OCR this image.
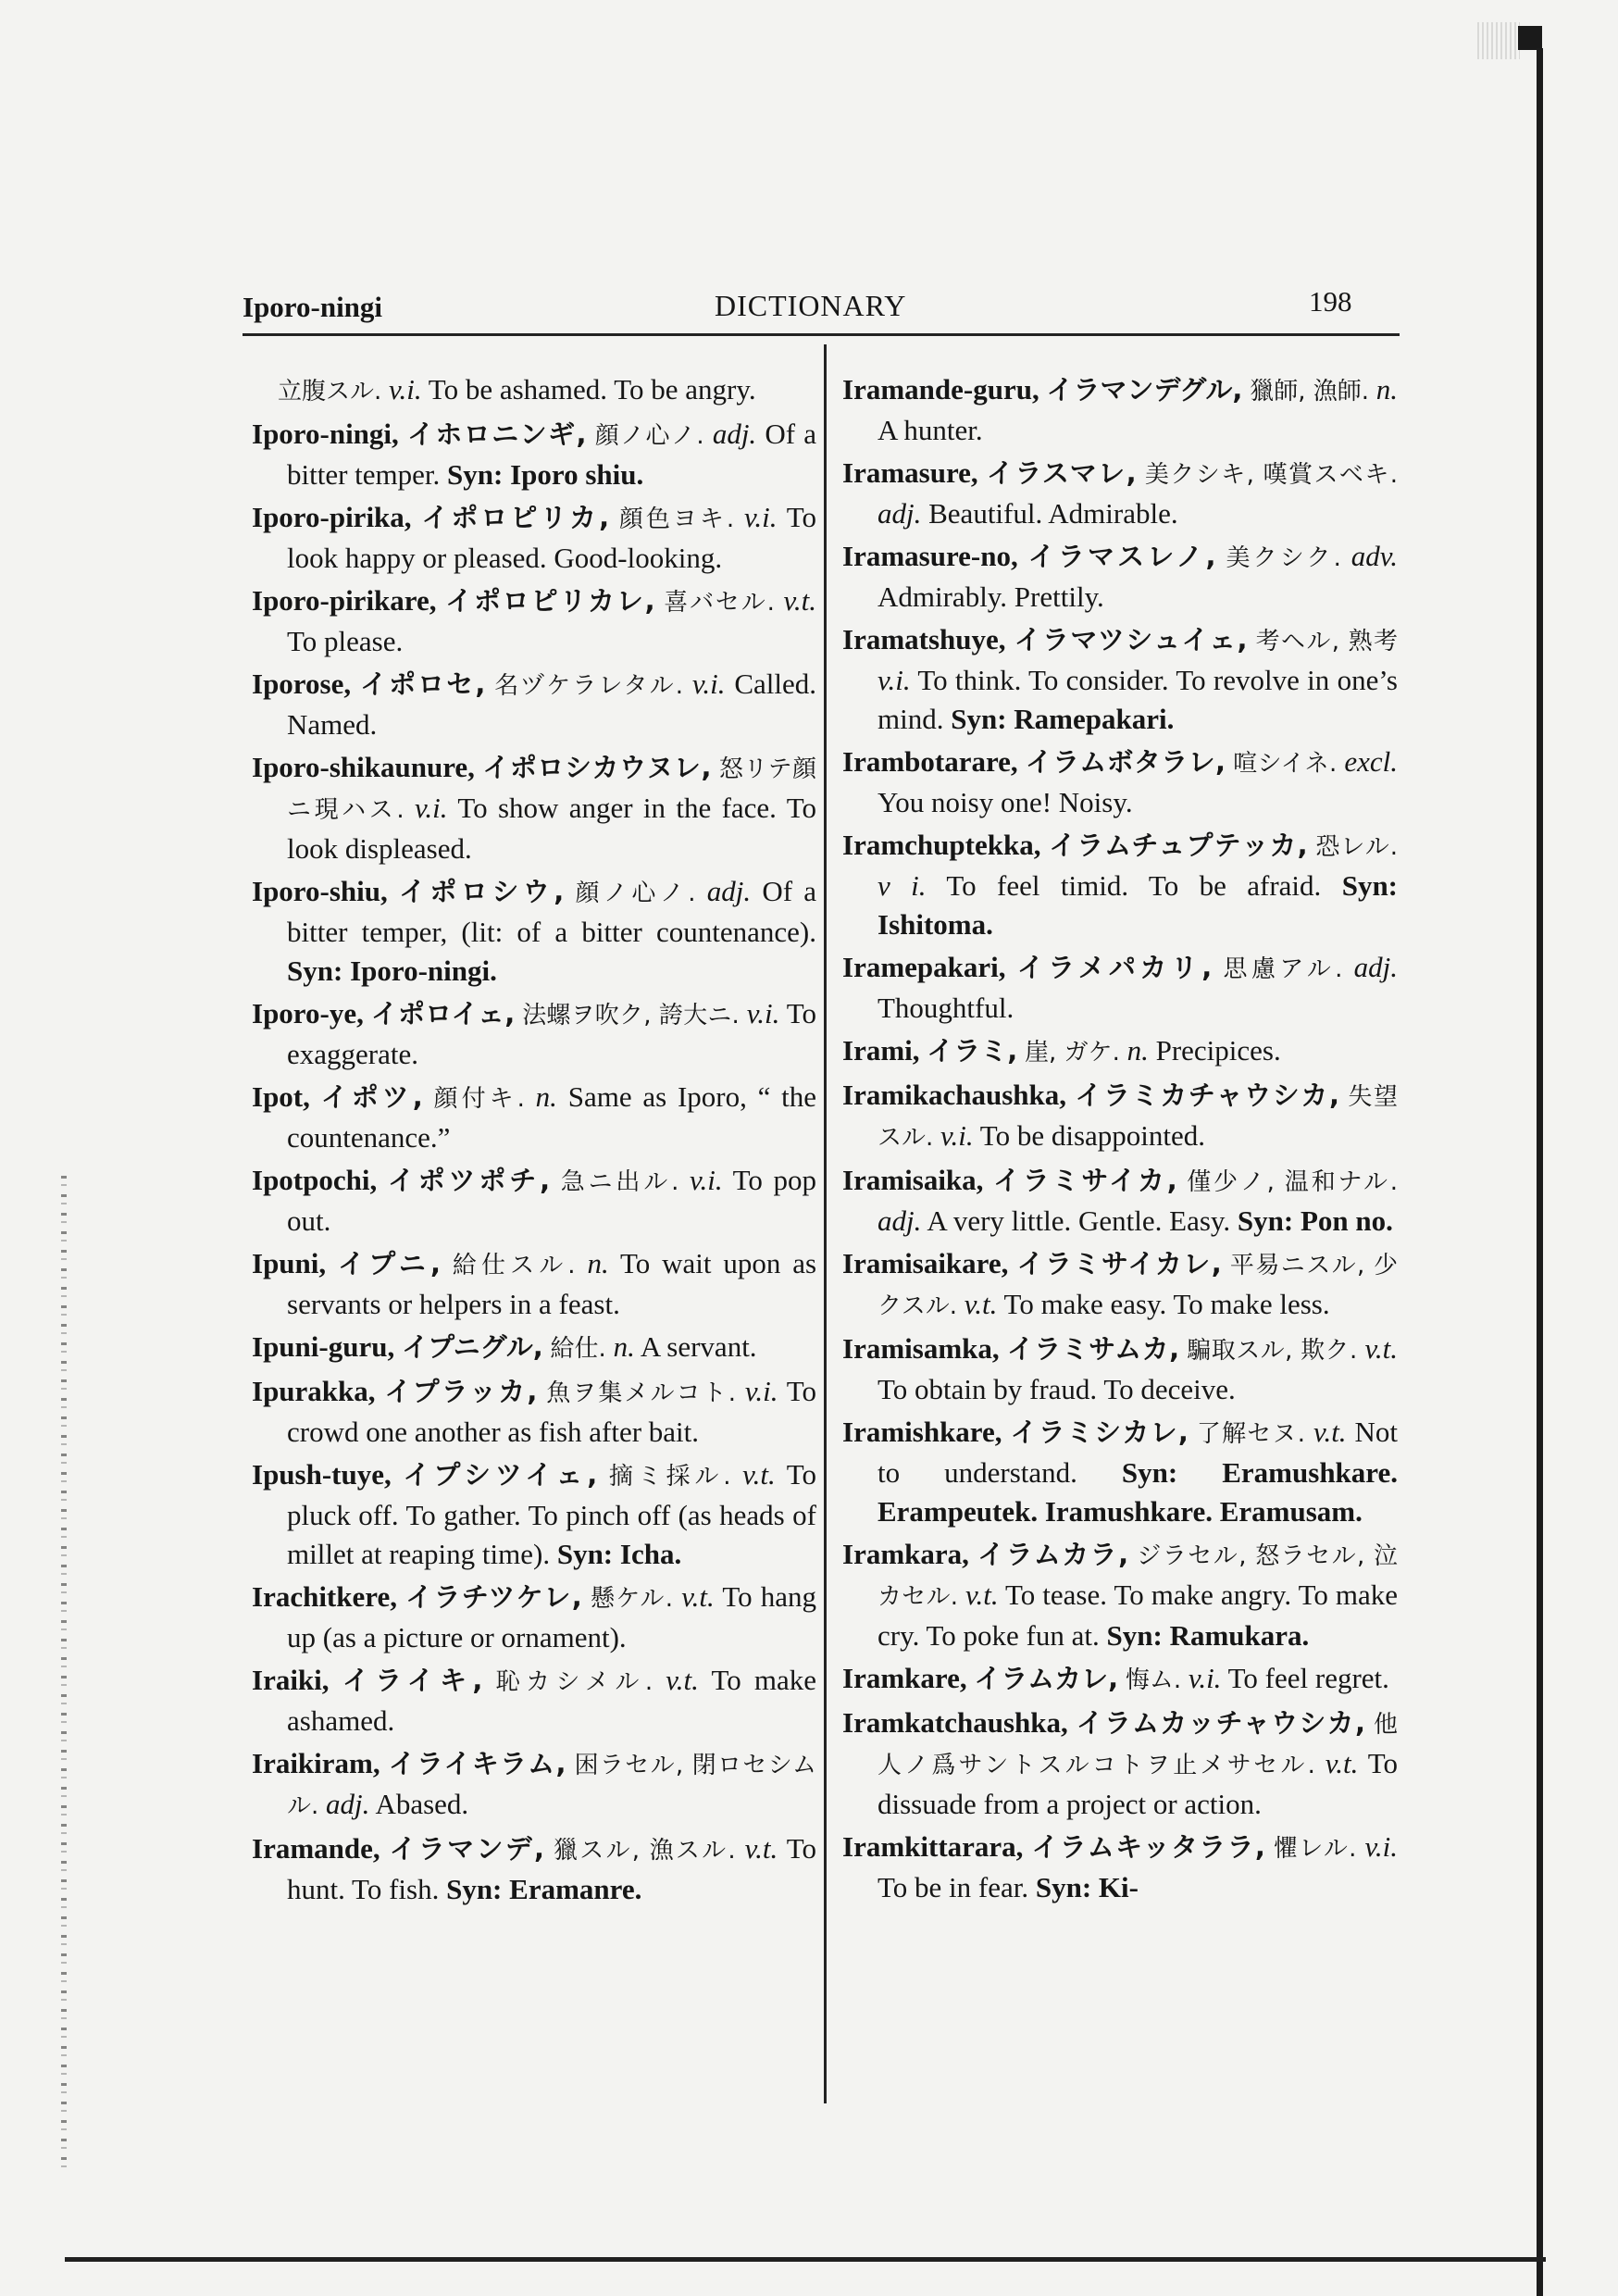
Iporo-ningi	DICTIONARY	198

立腹スル. v.i. To be ashamed. To be angry.

Iporo-ningi, イホロニンギ, 顔ノ心ノ. adj. Of a bitter temper. Syn: Iporo shiu.

Iporo-pirika, イポロピリカ, 顔色ヨキ. v.i. To look happy or pleased. Good-looking.

Iporo-pirikare, イポロピリカレ, 喜バセル. v.t. To please.

Iporose, イポロセ, 名ヅケラレタル. v.i. Called. Named.

Iporo-shikaunure, イポロシカウヌレ, 怒リテ顔ニ現ハス. v.i. To show anger in the face. To look displeased.

Iporo-shiu, イポロシウ, 顔ノ心ノ. adj. Of a bitter temper, (lit: of a bitter countenance). Syn: Iporo-ningi.

Iporo-ye, イポロイェ, 法螺ヲ吹ク, 誇大ニ. v.i. To exaggerate.

Ipot, イポツ, 顔付キ. n. Same as Iporo, “ the countenance.”

Ipotpochi, イポツポチ, 急ニ出ル. v.i. To pop out.

Ipuni, イプニ, 給仕スル. n. To wait upon as servants or helpers in a feast.

Ipuni-guru, イプニグル, 給仕. n. A servant.

Ipurakka, イプラッカ, 魚ヲ集メルコト. v.i. To crowd one another as fish after bait.

Ipush-tuye, イプシツイェ, 摘ミ採ル. v.t. To pluck off. To gather. To pinch off (as heads of millet at reaping time). Syn: Icha.

Irachitkere, イラチツケレ, 懸ケル. v.t. To hang up (as a picture or ornament).

Iraiki, イライキ, 恥カシメル. v.t. To make ashamed.

Iraikiram, イライキラム, 困ラセル, 閉ロセシムル. adj. Abased.

Iramande, イラマンデ, 獵スル, 漁スル. v.t. To hunt. To fish. Syn: Eramanre.

Iramande-guru, イラマンデグル, 獵師, 漁師. n. A hunter.

Iramasure, イラスマレ, 美クシキ, 嘆賞スベキ. adj. Beautiful. Admirable.

Iramasure-no, イラマスレノ, 美クシク. adv. Admirably. Prettily.

Iramatshuye, イラマツシュイェ, 考ヘル, 熟考 v.i. To think. To consider. To revolve in one’s mind. Syn: Ramepakari.

Irambotarare, イラムボタラレ, 喧シイネ. excl. You noisy one! Noisy.

Iramchuptekka, イラムチュプテッカ, 恐レル. v i. To feel timid. To be afraid. Syn: Ishitoma.

Iramepakari, イラメパカリ, 思慮アル. adj. Thoughtful.

Irami, イラミ, 崖, ガケ. n. Precipices.

Iramikachaushka, イラミカチャウシカ, 失望スル. v.i. To be disappointed.

Iramisaika, イラミサイカ, 僅少ノ, 温和ナル. adj. A very little. Gentle. Easy. Syn: Pon no.

Iramisaikare, イラミサイカレ, 平易ニスル, 少クスル. v.t. To make easy. To make less.

Iramisamka, イラミサムカ, 騙取スル, 欺ク. v.t. To obtain by fraud. To deceive.

Iramishkare, イラミシカレ, 了解セヌ. v.t. Not to understand. Syn: Eramushkare. Erampeutek. Iramushkare. Eramusam.

Iramkara, イラムカラ, ジラセル, 怒ラセル, 泣カセル. v.t. To tease. To make angry. To make cry. To poke fun at. Syn: Ramukara.

Iramkare, イラムカレ, 悔ム. v.i. To feel regret.

Iramkatchaushka, イラムカッチャウシカ, 他人ノ爲サントスルコトヲ止メサセル. v.t. To dissuade from a project or action.

Iramkittarara, イラムキッタララ, 懼レル. v.i. To be in fear. Syn: Ki-
